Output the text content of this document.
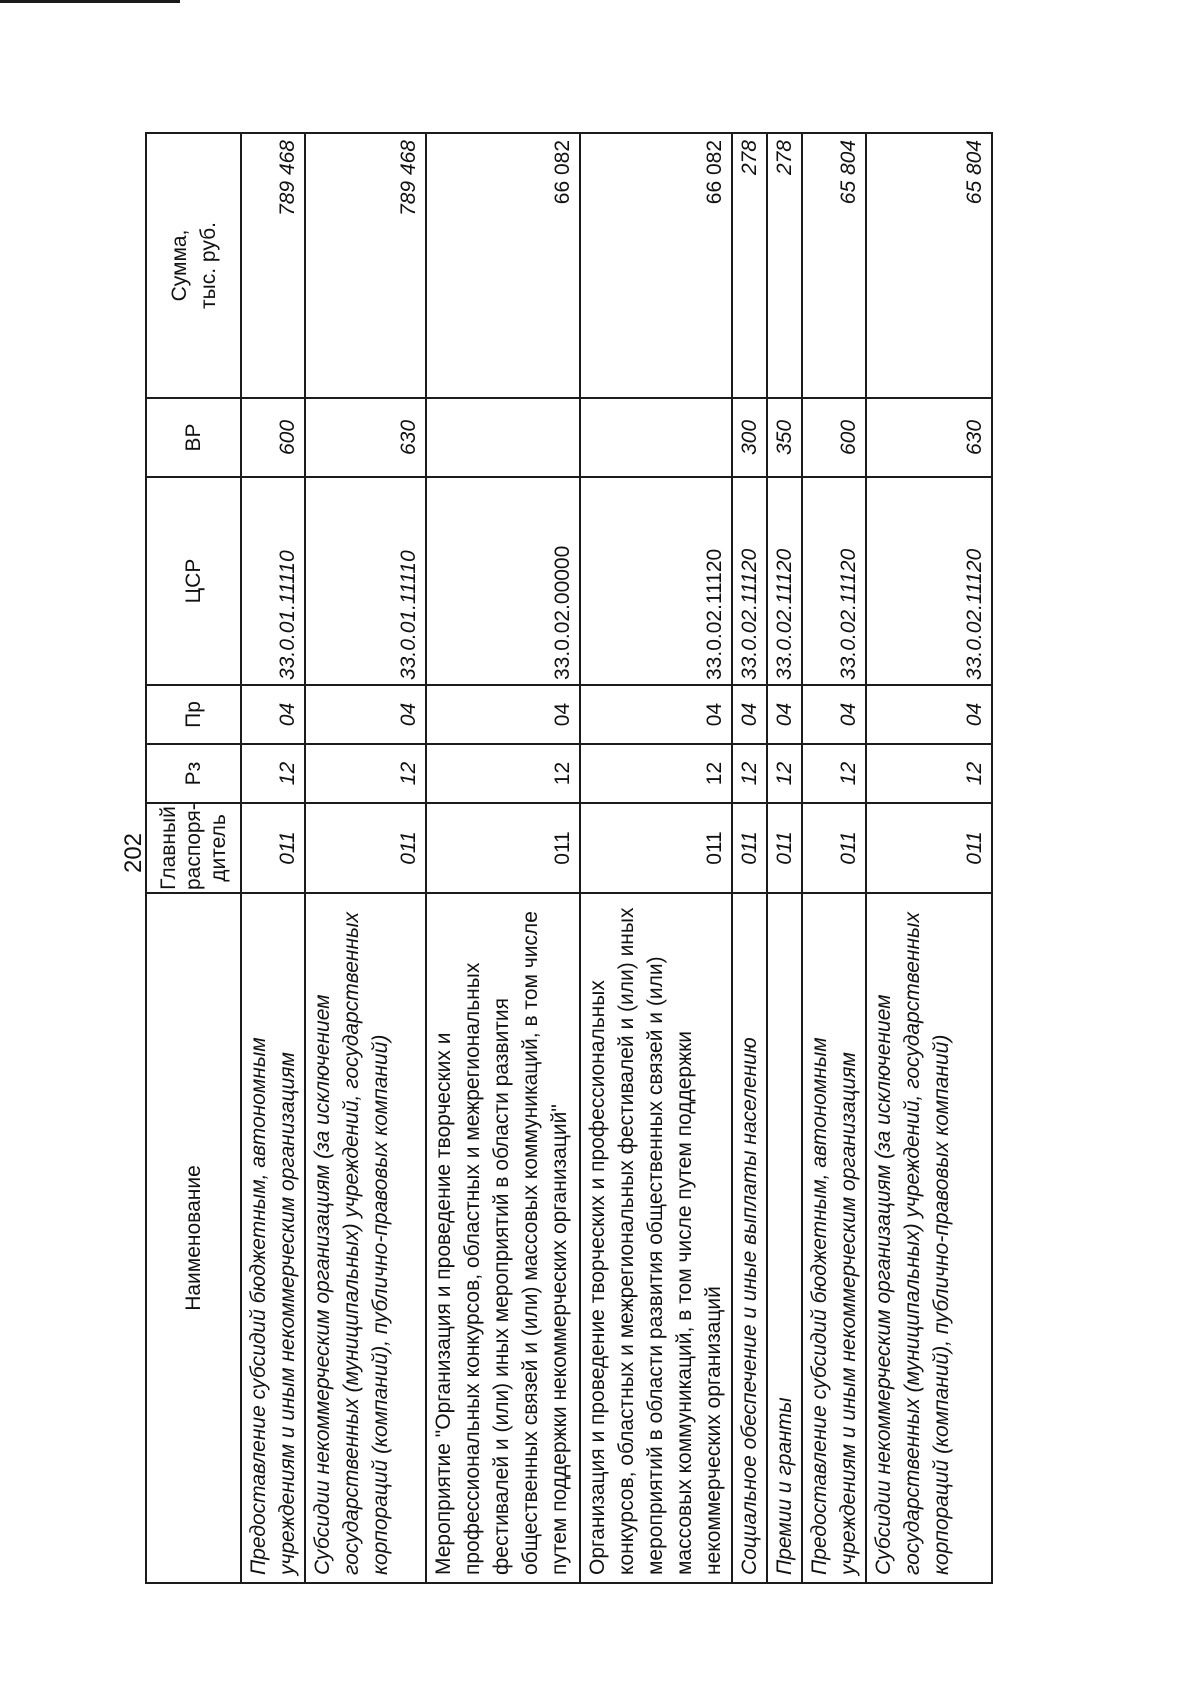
202
Наименование	Главный
распоря-
дитель	Рз	Пр	ЦСР	ВР	Сумма, тыс. руб.
Предоставление субсидий бюджетным, автономным учреждениям и иным некоммерческим организациям	011	12	04	33.0.01.11110	600	789 468
Субсидии некоммерческим организациям (за исключением государственных (муниципальных) учреждений, государственных корпораций (компаний), публично-правовых компаний)	011	12	04	33.0.01.11110	630	789 468
Мероприятие "Организация и проведение творческих и профессиональных конкурсов, областных и межрегиональных фестивалей и (или) иных мероприятий в области развития общественных связей и (или) массовых коммуникаций, в том числе путем поддержки некоммерческих организаций"	011	12	04	33.0.02.00000		66 082
Организация и проведение творческих и профессиональных конкурсов, областных и межрегиональных фестивалей и (или) иных мероприятий в области развития общественных связей и (или) массовых коммуникаций, в том числе путем поддержки некоммерческих организаций	011	12	04	33.0.02.11120		66 082
Социальное обеспечение и иные выплаты населению	011	12	04	33.0.02.11120	300	278
Премии и гранты	011	12	04	33.0.02.11120	350	278
Предоставление субсидий бюджетным, автономным учреждениям и иным некоммерческим организациям	011	12	04	33.0.02.11120	600	65 804
Субсидии некоммерческим организациям (за исключением государственных (муниципальных) учреждений, государственных корпораций (компаний), публично-правовых компаний)	011	12	04	33.0.02.11120	630	65 804
